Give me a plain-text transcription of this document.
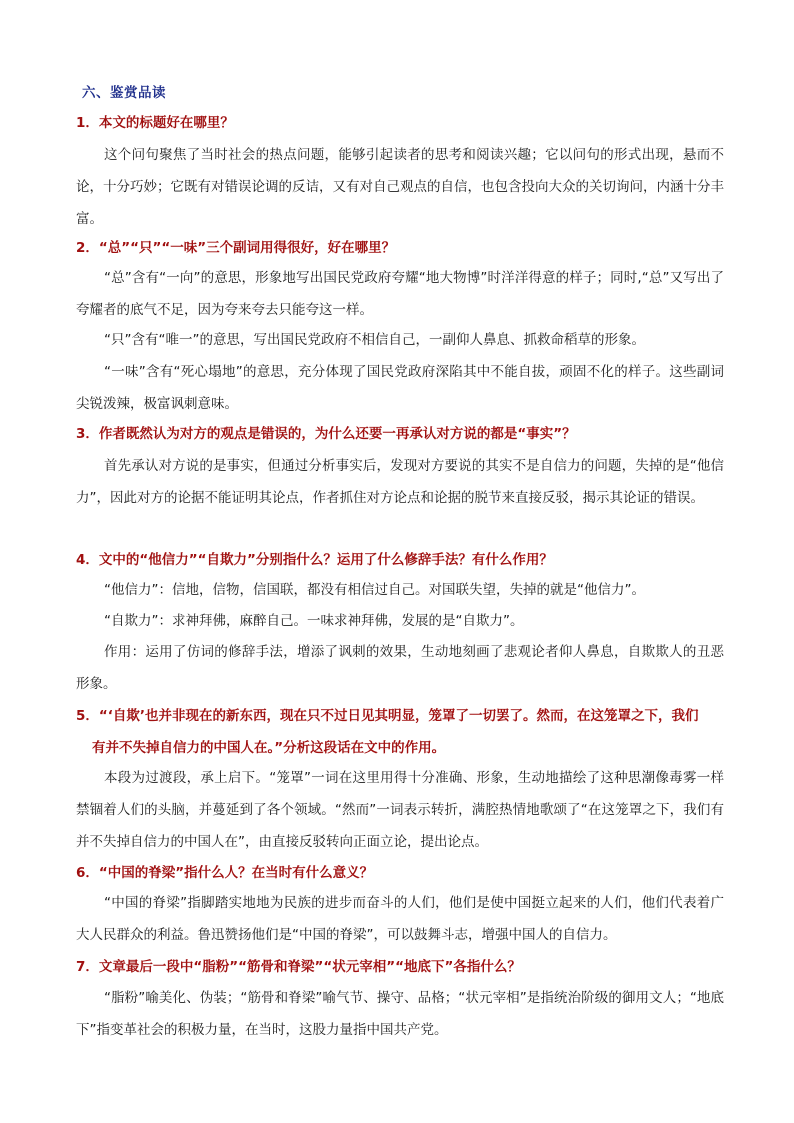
六、鉴赏品读
1．本文的标题好在哪里？
这个问句聚焦了当时社会的热点问题，能够引起读者的思考和阅读兴趣；它以问句的形式出现，悬而不论，十分巧妙；它既有对错误论调的反诘，又有对自己观点的自信，也包含投向大众的关切询问，内涵十分丰富。
2．“总”“只”“一味”三个副词用得很好，好在哪里？
“总”含有“一向”的意思，形象地写出国民党政府夸耀“地大物博”时洋洋得意的样子；同时,“总”又写出了夸耀者的底气不足，因为夸来夸去只能夸这一样。
“只”含有“唯一”的意思，写出国民党政府不相信自己，一副仰人鼻息、抓救命稻草的形象。
“一味”含有“死心塌地”的意思，充分体现了国民党政府深陷其中不能自拔，顽固不化的样子。这些副词尖锐泼辣，极富讽刺意味。
3．作者既然认为对方的观点是错误的，为什么还要一再承认对方说的都是“事实”？
首先承认对方说的是事实，但通过分析事实后，发现对方要说的其实不是自信力的问题，失掉的是“他信力”，因此对方的论据不能证明其论点，作者抓住对方论点和论据的脱节来直接反驳，揭示其论证的错误。
4．文中的“他信力”“自欺力”分别指什么？运用了什么修辞手法？有什么作用？
“他信力”：信地，信物，信国联，都没有相信过自己。对国联失望，失掉的就是“他信力”。
“自欺力”：求神拜佛，麻醉自己。一味求神拜佛，发展的是“自欺力”。
作用：运用了仿词的修辞手法，增添了讽刺的效果，生动地刻画了悲观论者仰人鼻息，自欺欺人的丑恶形象。
5．“‘自欺’也并非现在的新东西，现在只不过日见其明显，笼罩了一切罢了。然而，在这笼罩之下，我们
有并不失掉自信力的中国人在。”分析这段话在文中的作用。
本段为过渡段，承上启下。“笼罩”一词在这里用得十分准确、形象，生动地描绘了这种思潮像毒雾一样禁锢着人们的头脑，并蔓延到了各个领域。“然而”一词表示转折，满腔热情地歌颂了“在这笼罩之下，我们有并不失掉自信力的中国人在”，由直接反驳转向正面立论，提出论点。
6．“中国的脊梁”指什么人？在当时有什么意义？
“中国的脊梁”指脚踏实地地为民族的进步而奋斗的人们，他们是使中国挺立起来的人们，他们代表着广大人民群众的利益。鲁迅赞扬他们是“中国的脊梁”，可以鼓舞斗志，增强中国人的自信力。
7．文章最后一段中“脂粉”“筋骨和脊梁”“状元宰相”“地底下”各指什么？
“脂粉”喻美化、伪装；“筋骨和脊梁”喻气节、操守、品格；“状元宰相”是指统治阶级的御用文人；“地底下”指变革社会的积极力量，在当时，这股力量指中国共产党。
